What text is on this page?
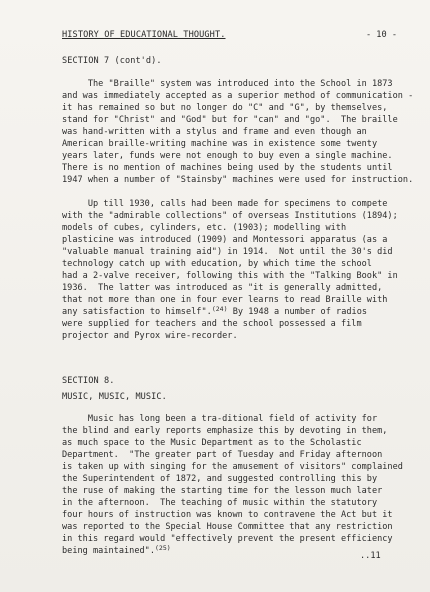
HISTORY OF EDUCATIONAL THOUGHT.	- 10 -
SECTION 7 (cont'd).
The "Braille" system was introduced into the School in 1873
and was immediately accepted as a superior method of communication -
it has remained so but no longer do "C" and "G", by themselves,
stand for "Christ" and "God" but for "can" and "go".  The braille
was hand-written with a stylus and frame and even though an
American braille-writing machine was in existence some twenty
years later, funds were not enough to buy even a single machine.
There is no mention of machines being used by the students until
1947 when a number of "Stainsby" machines were used for instruction.
Up till 1930, calls had been made for specimens to compete
with the "admirable collections" of overseas Institutions (1894);
models of cubes, cylinders, etc. (1903); modelling with
plasticine was introduced (1909) and Montessori apparatus (as a
"valuable manual training aid") in 1914.  Not until the 30's did
technology catch up with education, by which time the school
had a 2-valve receiver, following this with the "Talking Book" in
1936.  The latter was introduced as "it is generally admitted,
that not more than one in four ever learns to read Braille with
any satisfaction to himself".$^{(24)}$ By 1948 a number of radios
were supplied for teachers and the school possessed a film
projector and Pyrox wire-recorder.
SECTION 8.
MUSIC, MUSIC, MUSIC.
Music has long been a tra-ditional field of activity for
the blind and early reports emphasize this by devoting in them,
as much space to the Music Department as to the Scholastic
Department.  "The greater part of Tuesday and Friday afternoon
is taken up with singing for the amusement of visitors" complained
the Superintendent of 1872, and suggested controlling this by
the ruse of making the starting time for the lesson much later
in the afternoon.  The teaching of music within the statutory
four hours of instruction was known to contravene the Act but it
was reported to the Special House Committee that any restriction
in this regard would "effectively prevent the present efficiency
being maintained".$^{(25)}$
..11
